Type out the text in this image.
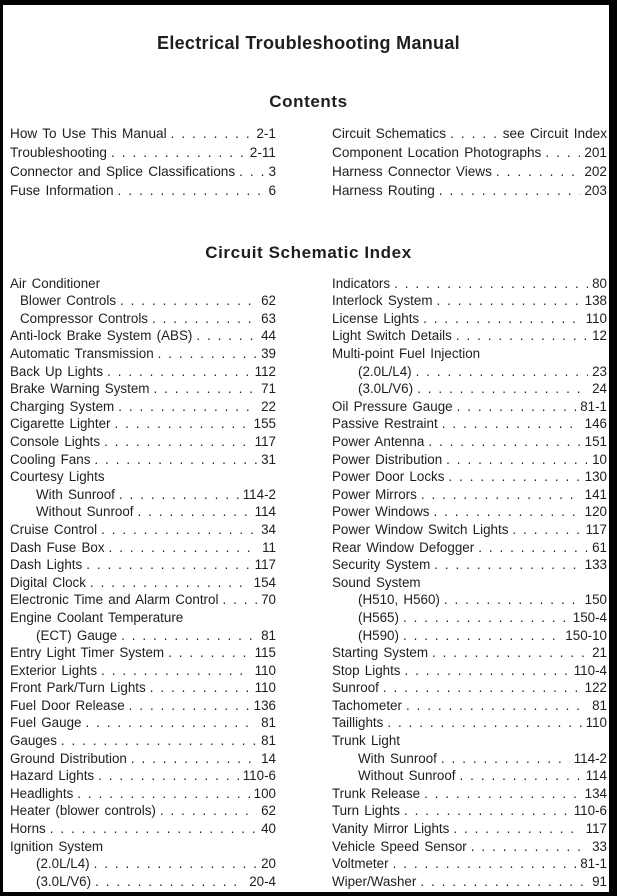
Electrical Troubleshooting Manual
Contents
How To Use This Manual . . .	2-1
Troubleshooting . . .	2-11
Connector and Splice Classifications . . . 3
Fuse Information . . .	6
Circuit Schematics . . .	see Circuit Index
Component Location Photographs . . .	201
Harness Connector Views . . .	202
Harness Routing . . .	203
Circuit Schematic Index
Air Conditioner
Blower Controls . . .	62
Compressor Controls . . .	63
Anti-lock Brake System (ABS) . . .	44
Automatic Transmission . . .	39
Back Up Lights . . .	112
Brake Warning System . . .	71
Charging System . . .	22
Cigarette Lighter . . .	155
Console Lights . . .	117
Cooling Fans . . .	31
Courtesy Lights
With Sunroof . . .	114-2
Without Sunroof . . .	114
Cruise Control . . .	34
Dash Fuse Box . . .	11
Dash Lights . . .	117
Digital Clock . . .	154
Electronic Time and Alarm Control . . .	70
Engine Coolant Temperature
(ECT) Gauge . . .	81
Entry Light Timer System . . .	115
Exterior Lights . . .	110
Front Park/Turn Lights . . .	110
Fuel Door Release . . .	136
Fuel Gauge . . .	81
Gauges . . .	81
Ground Distribution . . .	14
Hazard Lights . . .	110-6
Headlights . . .	100
Heater (blower controls) . . .	62
Horns . . .	40
Ignition System
(2.0L/L4) . . .	20
(3.0L/V6) . . .	20-4
Indicators . . .	80
Interlock System . . .	138
License Lights . . .	110
Light Switch Details . . .	12
Multi-point Fuel Injection
(2.0L/L4) . . .	23
(3.0L/V6) . . .	24
Oil Pressure Gauge . . .	81-1
Passive Restraint . . .	146
Power Antenna . . .	151
Power Distribution . . .	10
Power Door Locks . . .	130
Power Mirrors . . .	141
Power Windows . . .	120
Power Window Switch Lights . . .	117
Rear Window Defogger . . .	61
Security System . . .	133
Sound System
(H510, H560) . . .	150
(H565) . . .	150-4
(H590) . . .	150-10
Starting System . . .	21
Stop Lights . . .	110-4
Sunroof . . .	122
Tachometer . . .	81
Taillights . . .	110
Trunk Light
With Sunroof . . .	114-2
Without Sunroof . . .	114
Trunk Release . . .	134
Turn Lights . . .	110-6
Vanity Mirror Lights . . .	117
Vehicle Speed Sensor . . .	33
Voltmeter . . .	81-1
Wiper/Washer . . .	91
